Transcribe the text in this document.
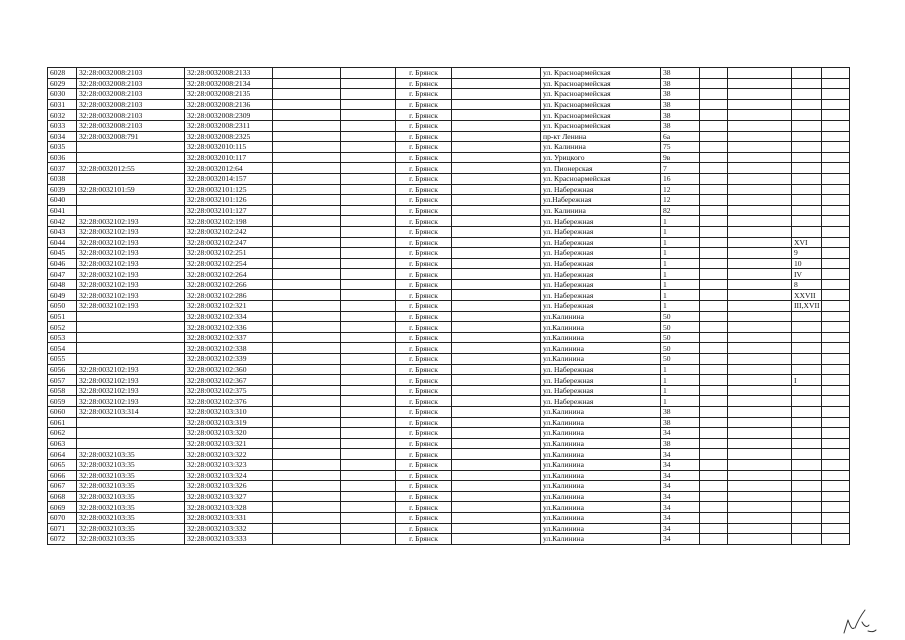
6028	32:28:0032008:2103	32:28:0032008:2133			г. Брянск		ул. Красноармейская	38				
6029	32:28:0032008:2103	32:28:0032008:2134			г. Брянск		ул. Красноармейская	38				
6030	32:28:0032008:2103	32:28:0032008:2135			г. Брянск		ул. Красноармейская	38				
6031	32:28:0032008:2103	32:28:0032008:2136			г. Брянск		ул. Красноармейская	38				
6032	32:28:0032008:2103	32:28:0032008:2309			г. Брянск		ул. Красноармейская	38				
6033	32:28:0032008:2103	32:28:0032008:2311			г. Брянск		ул. Красноармейская	38				
6034	32:28:0032008:791	32:28:0032008:2325			г. Брянск		пр-кт Ленина	6а				
6035		32:28:0032010:115			г. Брянск		ул. Калинина	75				
6036		32:28:0032010:117			г. Брянск		ул. Урицкого	9в				
6037	32:28:0032012:55	32:28:0032012:64			г. Брянск		ул. Пионерская	7				
6038		32:28:0032014:157			г. Брянск		ул. Красноармейская	16				
6039	32:28:0032101:59	32:28:0032101:125			г. Брянск		ул. Набережная	12				
6040		32:28:0032101:126			г. Брянск		ул.Набережная	12				
6041		32:28:0032101:127			г. Брянск		ул. Калинина	82				
6042	32:28:0032102:193	32:28:0032102:198			г. Брянск		ул. Набережная	1				
6043	32:28:0032102:193	32:28:0032102:242			г. Брянск		ул. Набережная	1				
6044	32:28:0032102:193	32:28:0032102:247			г. Брянск		ул. Набережная	1			XVI	
6045	32:28:0032102:193	32:28:0032102:251			г. Брянск		ул. Набережная	1			9	
6046	32:28:0032102:193	32:28:0032102:254			г. Брянск		ул. Набережная	1			10	
6047	32:28:0032102:193	32:28:0032102:264			г. Брянск		ул. Набережная	1			IV	
6048	32:28:0032102:193	32:28:0032102:266			г. Брянск		ул. Набережная	1			8	
6049	32:28:0032102:193	32:28:0032102:286			г. Брянск		ул. Набережная	1			XXVII	
6050	32:28:0032102:193	32:28:0032102:321			г. Брянск		ул. Набережная	1			III,XVII	
6051		32:28:0032102:334			г. Брянск		ул.Калинина	50				
6052		32:28:0032102:336			г. Брянск		ул.Калинина	50				
6053		32:28:0032102:337			г. Брянск		ул.Калинина	50				
6054		32:28:0032102:338			г. Брянск		ул.Калинина	50				
6055		32:28:0032102:339			г. Брянск		ул.Калинина	50				
6056	32:28:0032102:193	32:28:0032102:360			г. Брянск		ул. Набережная	1				
6057	32:28:0032102:193	32:28:0032102:367			г. Брянск		ул. Набережная	1			I	
6058	32:28:0032102:193	32:28:0032102:375			г. Брянск		ул. Набережная	1				
6059	32:28:0032102:193	32:28:0032102:376			г. Брянск		ул. Набережная	1				
6060	32:28:0032103:314	32:28:0032103:310			г. Брянск		ул.Калинина	38				
6061		32:28:0032103:319			г. Брянск		ул.Калинина	38				
6062		32:28:0032103:320			г. Брянск		ул.Калинина	34				
6063		32:28:0032103:321			г. Брянск		ул.Калинина	38				
6064	32:28:0032103:35	32:28:0032103:322			г. Брянск		ул.Калинина	34				
6065	32:28:0032103:35	32:28:0032103:323			г. Брянск		ул.Калинина	34				
6066	32:28:0032103:35	32:28:0032103:324			г. Брянск		ул.Калинина	34				
6067	32:28:0032103:35	32:28:0032103:326			г. Брянск		ул.Калинина	34				
6068	32:28:0032103:35	32:28:0032103:327			г. Брянск		ул.Калинина	34				
6069	32:28:0032103:35	32:28:0032103:328			г. Брянск		ул.Калинина	34				
6070	32:28:0032103:35	32:28:0032103:331			г. Брянск		ул.Калинина	34				
6071	32:28:0032103:35	32:28:0032103:332			г. Брянск		ул.Калинина	34				
6072	32:28:0032103:35	32:28:0032103:333			г. Брянск		ул.Калинина	34				
